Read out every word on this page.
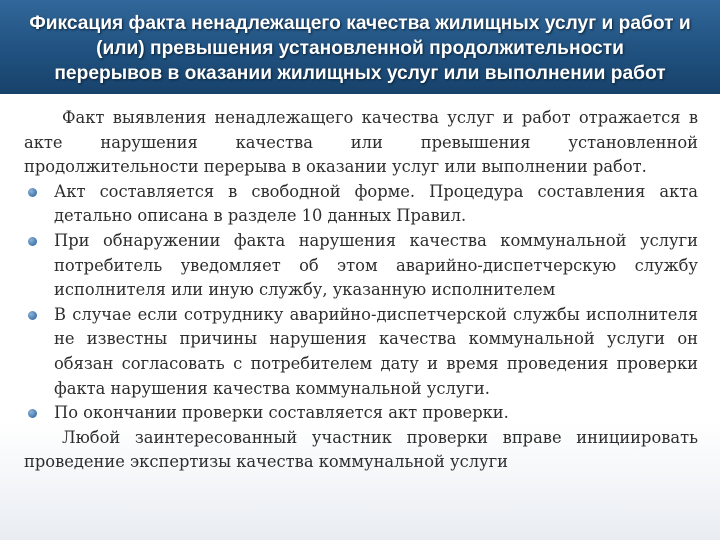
Фиксация факта ненадлежащего качества жилищных услуг и работ и
(или) превышения установленной продолжительности
перерывов в оказании жилищных услуг или выполнении работ

Факт выявления ненадлежащего качества услуг и работ отражается в акте нарушения качества или превышения установленной продолжительности перерыва в оказании услуг или выполнении работ.

Акт составляется в свободной форме. Процедура составления акта детально описана в разделе 10 данных Правил.
При обнаружении факта нарушения качества коммунальной услуги потребитель уведомляет об этом аварийно-диспетчерскую службу исполнителя или иную службу, указанную исполнителем
В случае если сотруднику аварийно-диспетчерской службы исполнителя не известны причины нарушения качества коммунальной услуги он обязан согласовать с потребителем дату и время проведения проверки факта нарушения качества коммунальной услуги.
По окончании проверки составляется акт проверки.

Любой заинтересованный участник проверки вправе инициировать проведение экспертизы качества коммунальной услуги
